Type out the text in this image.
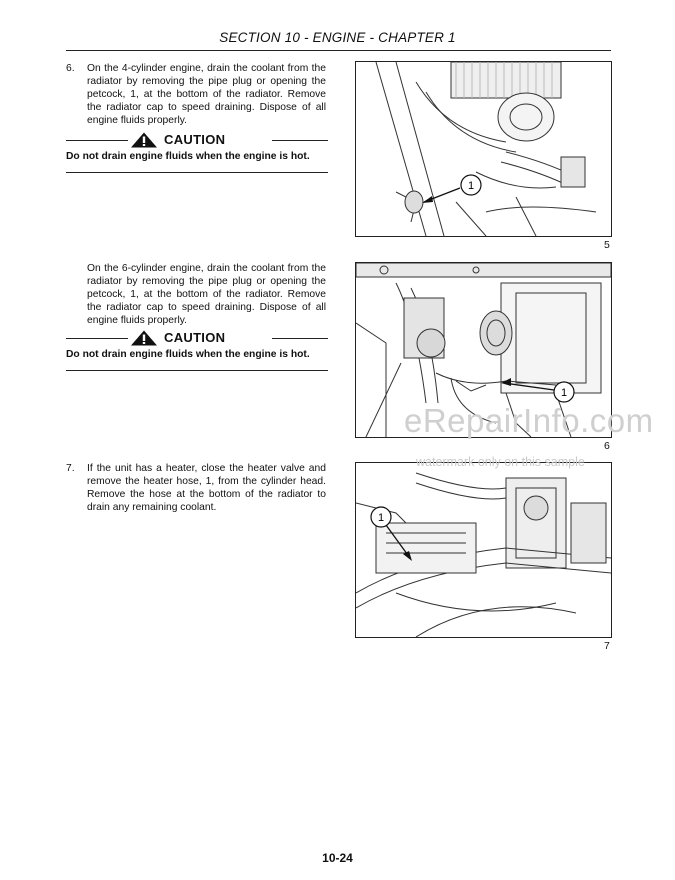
SECTION 10 - ENGINE - CHAPTER 1
6. On the 4-cylinder engine, drain the coolant from the radiator by removing the pipe plug or opening the petcock, 1, at the bottom of the radiator. Remove the radiator cap to speed draining. Dispose of all engine fluids properly.
CAUTION
Do not drain engine fluids when the engine is hot.
On the 6-cylinder engine, drain the coolant from the radiator by removing the pipe plug or opening the petcock, 1, at the bottom of the radiator. Remove the radiator cap to speed draining. Dispose of all engine fluids properly.
CAUTION
Do not drain engine fluids when the engine is hot.
7. If the unit has a heater, close the heater valve and remove the heater hose, 1, from the cylinder head. Remove the hose at the bottom of the radiator to drain any remaining coolant.
1
5
1
6
1
7
eRepairInfo.com
watermark only on this sample
10-24
